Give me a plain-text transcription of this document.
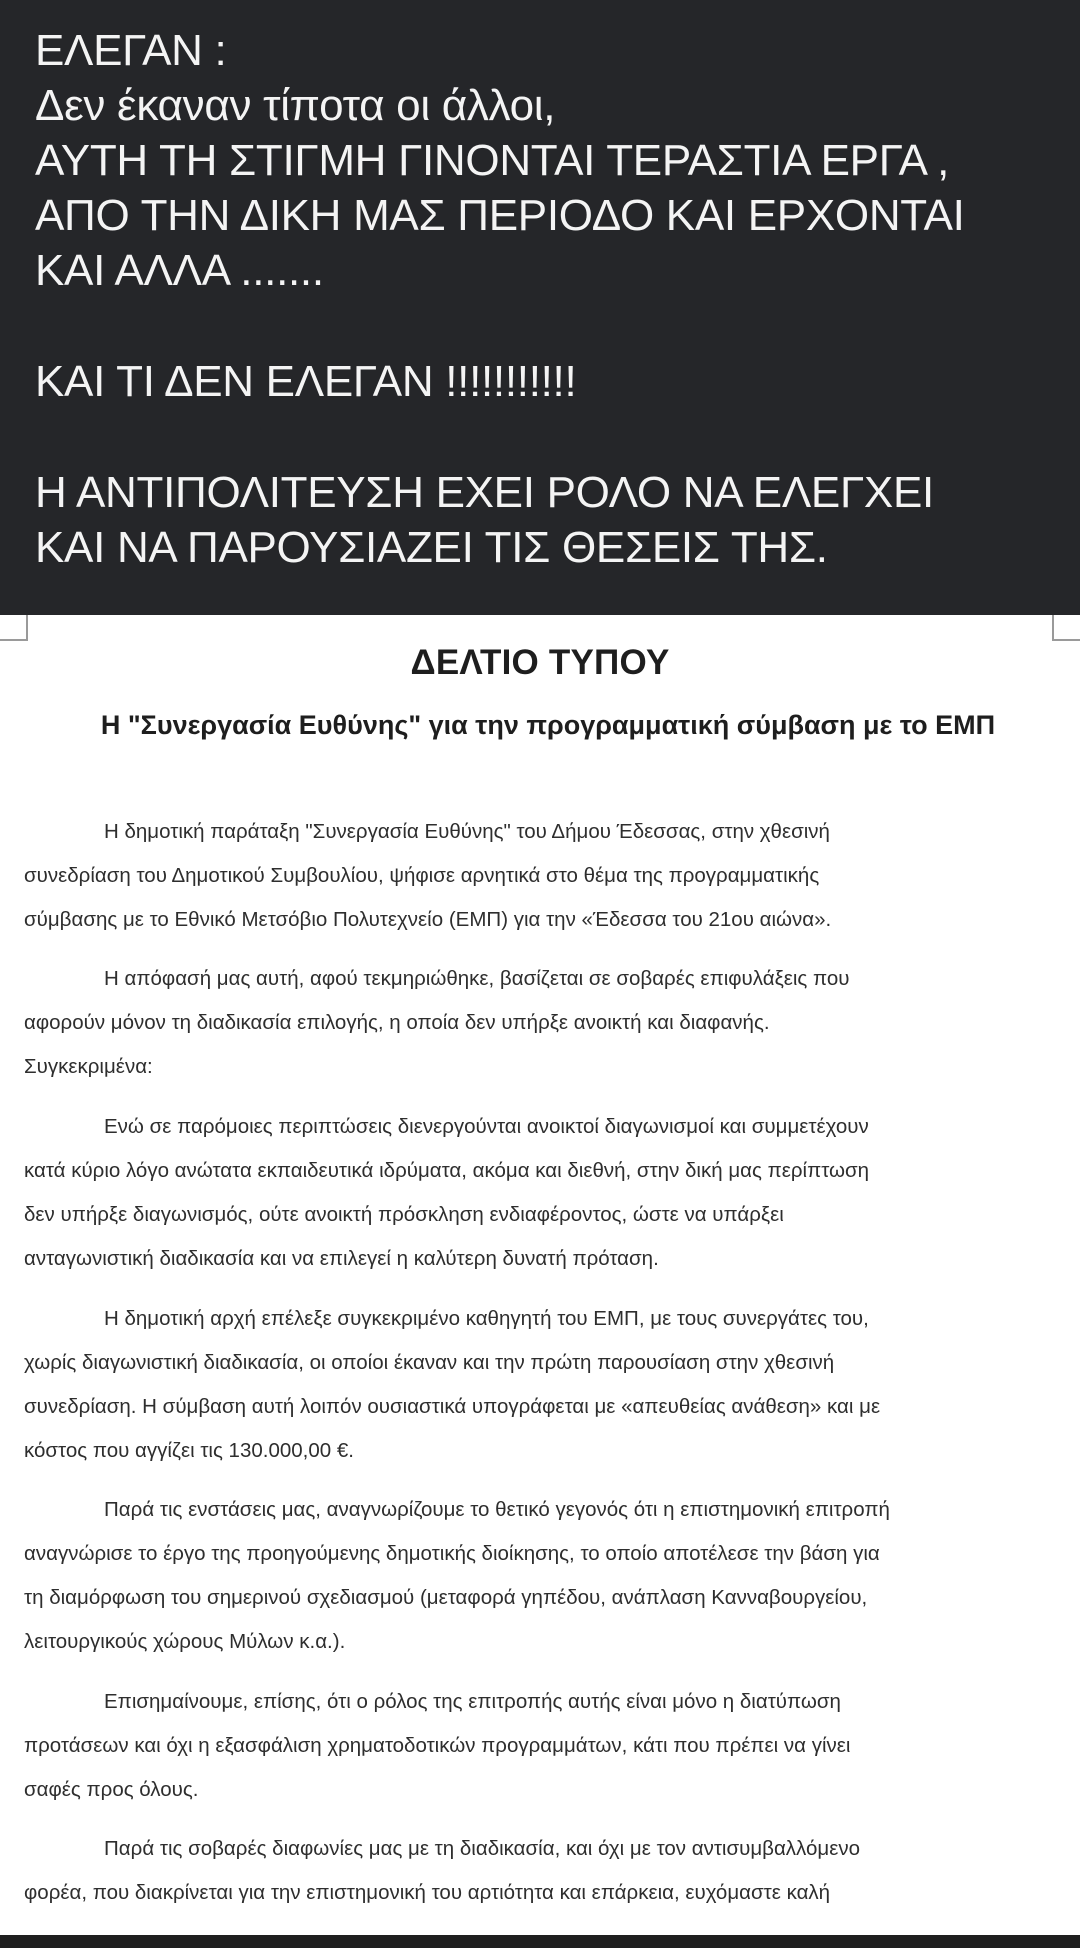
ΕΛΕΓΑΝ :
Δεν έκαναν τίποτα οι άλλοι,
ΑΥΤΗ ΤΗ ΣΤΙΓΜΗ ΓΙΝΟΝΤΑΙ ΤΕΡΑΣΤΙΑ ΕΡΓΑ ,
ΑΠΟ ΤΗΝ ΔΙΚΗ ΜΑΣ ΠΕΡΙΟΔΟ ΚΑΙ ΕΡΧΟΝΤΑΙ
ΚΑΙ ΑΛΛΑ .......
ΚΑΙ ΤΙ ΔΕΝ ΕΛΕΓΑΝ !!!!!!!!!!!
Η ΑΝΤΙΠΟΛΙΤΕΥΣΗ ΕΧΕΙ ΡΟΛΟ ΝΑ ΕΛΕΓΧΕΙ
ΚΑΙ ΝΑ ΠΑΡΟΥΣΙΑΖΕΙ ΤΙΣ ΘΕΣΕΙΣ ΤΗΣ.
ΔΕΛΤΙΟ ΤΥΠΟΥ
Η "Συνεργασία Ευθύνης" για την προγραμματική σύμβαση με το ΕΜΠ
Η δημοτική παράταξη "Συνεργασία Ευθύνης" του Δήμου Έδεσσας, στην χθεσινή
συνεδρίαση του Δημοτικού Συμβουλίου, ψήφισε αρνητικά στο θέμα της προγραμματικής
σύμβασης με το Εθνικό Μετσόβιο Πολυτεχνείο (ΕΜΠ) για την «Έδεσσα του 21ου αιώνα».
Η απόφασή μας αυτή, αφού τεκμηριώθηκε, βασίζεται σε σοβαρές επιφυλάξεις που
αφορούν μόνον τη διαδικασία επιλογής, η οποία δεν υπήρξε ανοικτή και διαφανής.
Συγκεκριμένα:
Ενώ σε παρόμοιες περιπτώσεις διενεργούνται ανοικτοί διαγωνισμοί και συμμετέχουν
κατά κύριο λόγο ανώτατα εκπαιδευτικά ιδρύματα, ακόμα και διεθνή, στην δική μας περίπτωση
δεν υπήρξε διαγωνισμός, ούτε ανοικτή πρόσκληση ενδιαφέροντος, ώστε να υπάρξει
ανταγωνιστική διαδικασία και να επιλεγεί η καλύτερη δυνατή πρόταση.
Η δημοτική αρχή επέλεξε συγκεκριμένο καθηγητή του ΕΜΠ, με τους συνεργάτες του,
χωρίς διαγωνιστική διαδικασία, οι οποίοι έκαναν και την πρώτη παρουσίαση στην χθεσινή
συνεδρίαση. Η σύμβαση αυτή λοιπόν ουσιαστικά υπογράφεται με «απευθείας ανάθεση» και με
κόστος που αγγίζει τις 130.000,00 €.
Παρά τις ενστάσεις μας, αναγνωρίζουμε το θετικό γεγονός ότι η επιστημονική επιτροπή
αναγνώρισε το έργο της προηγούμενης δημοτικής διοίκησης, το οποίο αποτέλεσε την βάση για
τη διαμόρφωση του σημερινού σχεδιασμού (μεταφορά γηπέδου, ανάπλαση Κανναβουργείου,
λειτουργικούς χώρους Μύλων κ.α.).
Επισημαίνουμε, επίσης, ότι ο ρόλος της επιτροπής αυτής είναι μόνο η διατύπωση
προτάσεων και όχι η εξασφάλιση χρηματοδοτικών προγραμμάτων, κάτι που πρέπει να γίνει
σαφές προς όλους.
Παρά τις σοβαρές διαφωνίες μας με τη διαδικασία, και όχι με τον αντισυμβαλλόμενο
φορέα, που διακρίνεται για την επιστημονική του αρτιότητα και επάρκεια, ευχόμαστε καλή
